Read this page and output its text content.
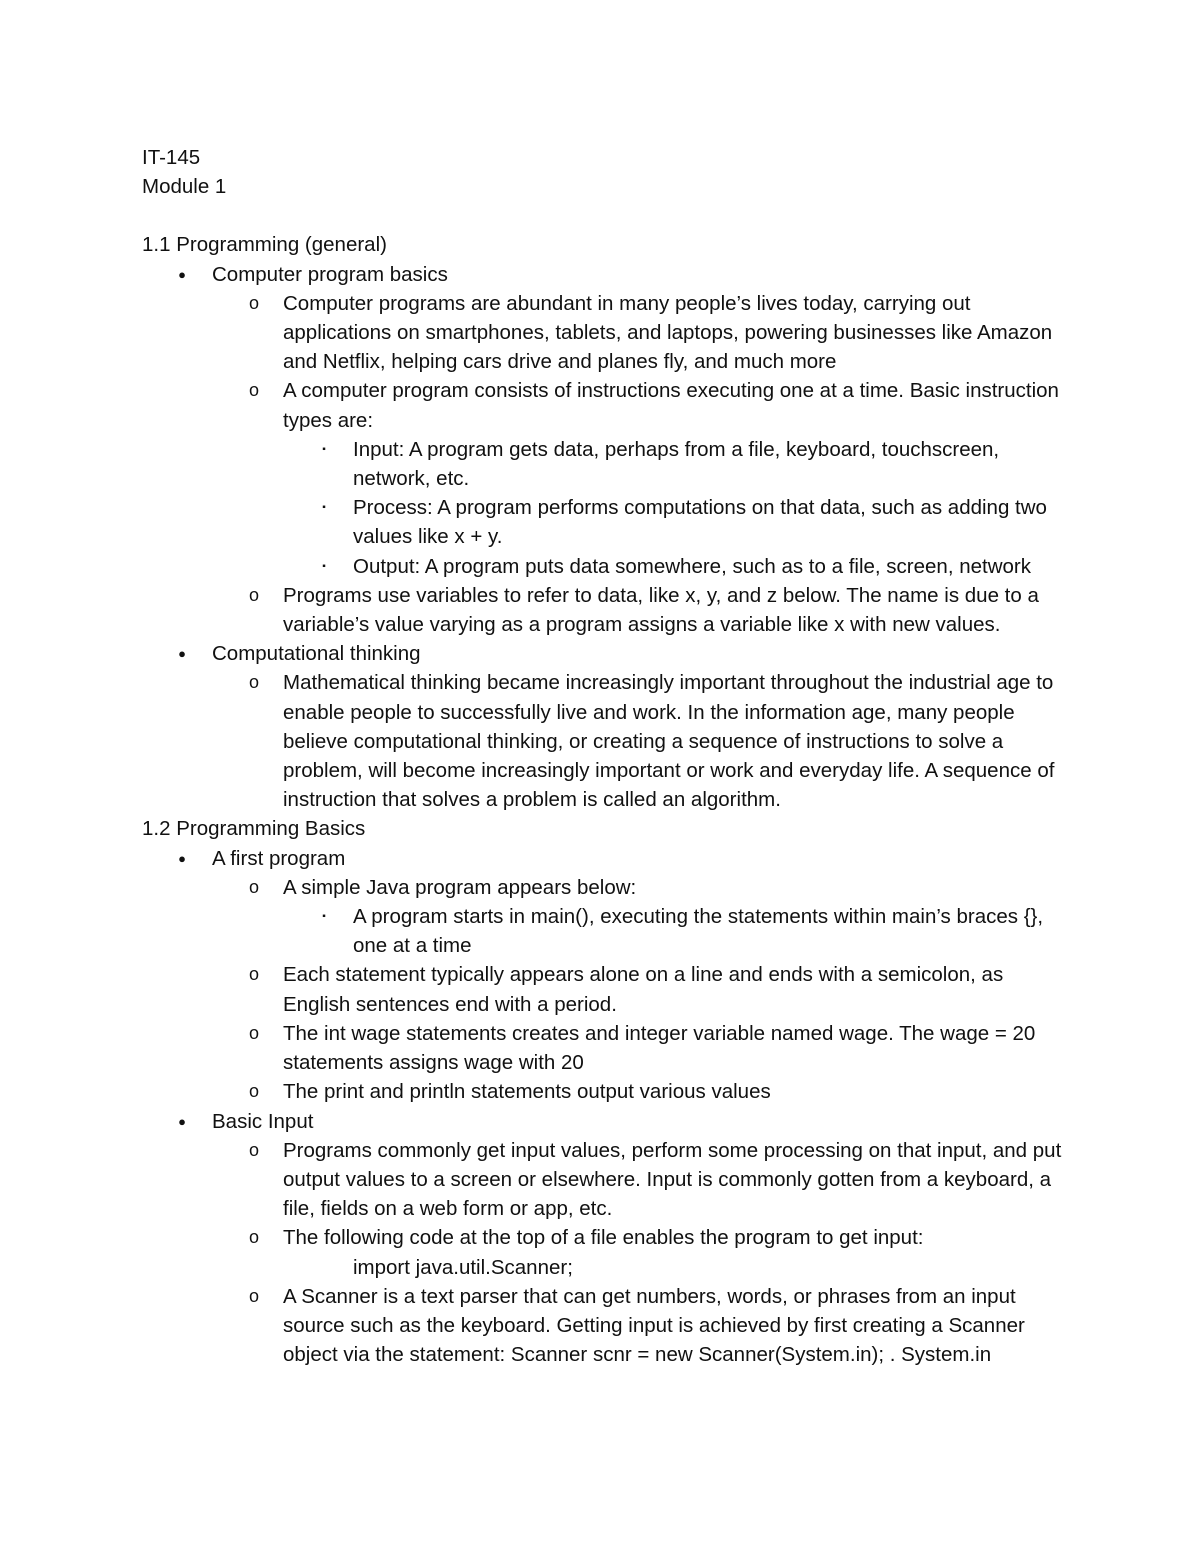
IT-145
Module 1
1.1 Programming (general)
● Computer program basics
o Computer programs are abundant in many people’s lives today, carrying out applications on smartphones, tablets, and laptops, powering businesses like Amazon and Netflix, helping cars drive and planes fly, and much more
o A computer program consists of instructions executing one at a time. Basic instruction types are:
▪	Input: A program gets data, perhaps from a file, keyboard, touchscreen, network, etc.
▪	Process: A program performs computations on that data, such as adding two values like x + y.
▪	Output: A program puts data somewhere, such as to a file, screen, network
o Programs use variables to refer to data, like x, y, and z below. The name is due to a variable’s value varying as a program assigns a variable like x with new values.
● Computational thinking
o Mathematical thinking became increasingly important throughout the industrial age to enable people to successfully live and work. In the information age, many people believe computational thinking, or creating a sequence of instructions to solve a problem, will become increasingly important or work and everyday life. A sequence of instruction that solves a problem is called an algorithm.
1.2 Programming Basics
● A first program
o A simple Java program appears below:
▪	A program starts in main(), executing the statements within main’s braces {}, one at a time
o Each statement typically appears alone on a line and ends with a semicolon, as English sentences end with a period.
o The int wage statements creates and integer variable named wage. The wage = 20 statements assigns wage with 20
o The print and println statements output various values
● Basic Input
o Programs commonly get input values, perform some processing on that input, and put output values to a screen or elsewhere. Input is commonly gotten from a keyboard, a file, fields on a web form or app, etc.
o The following code at the top of a file enables the program to get input:
import java.util.Scanner;
o A Scanner is a text parser that can get numbers, words, or phrases from an input source such as the keyboard. Getting input is achieved by first creating a Scanner object via the statement: Scanner scnr = new Scanner(System.in); . System.in
